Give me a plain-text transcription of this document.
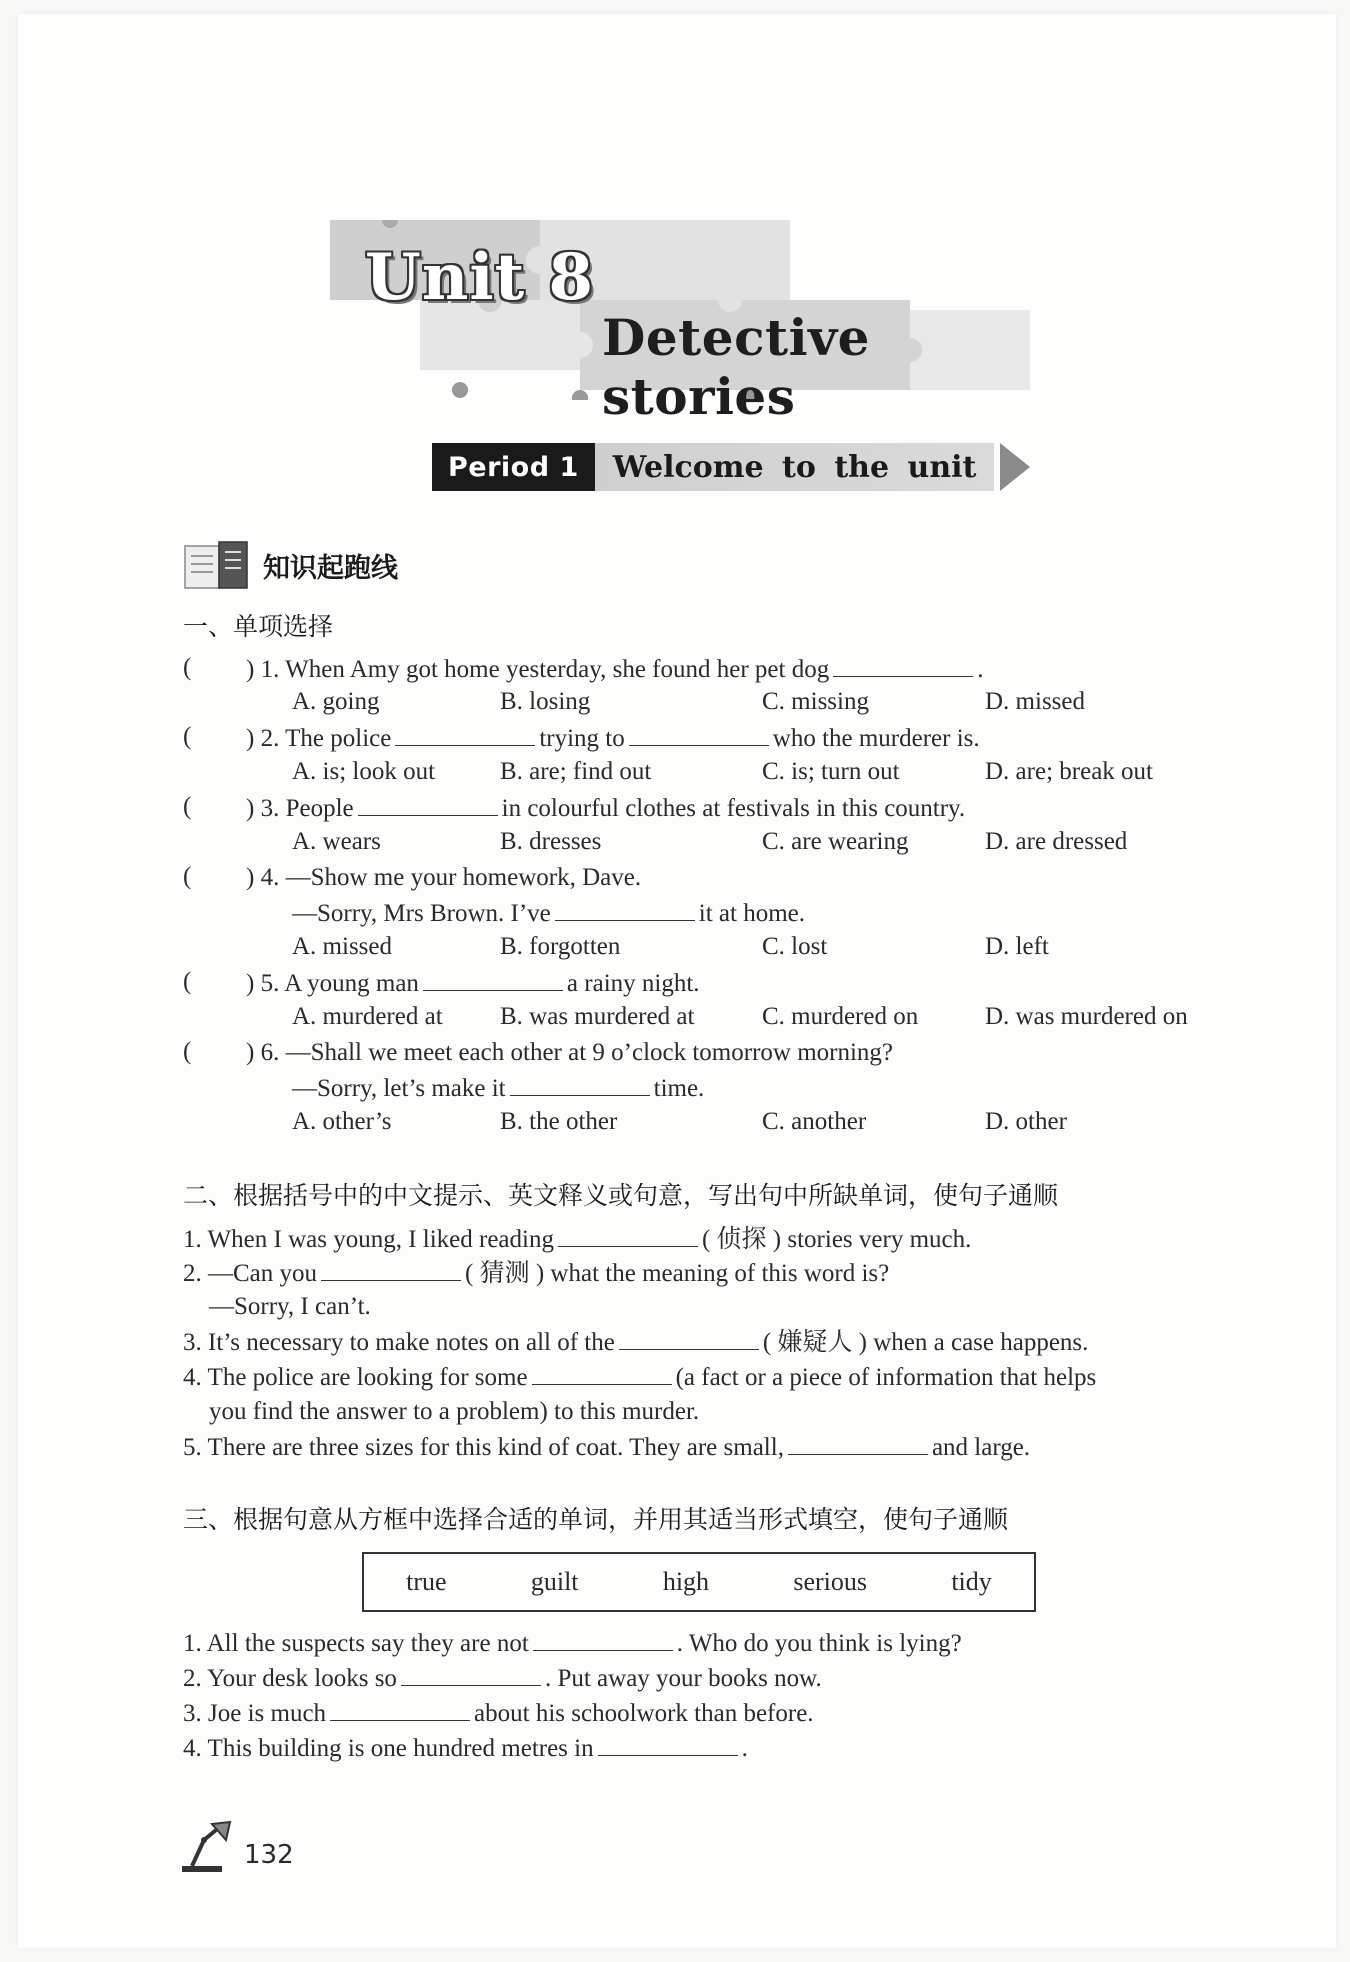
Unit 8
Detective stories
Period 1	Welcome to the unit
知识起跑线
一、单项选择
( ) 1. When Amy got home yesterday, she found her pet dog	.
A. going	B. losing	C. missing	D. missed
( ) 2. The police	trying to	who the murderer is.
A. is; look out	B. are; find out	C. is; turn out	D. are; break out
( ) 3. People	in colourful clothes at festivals in this country.
A. wears	B. dresses	C. are wearing	D. are dressed
( ) 4. —Show me your homework, Dave.
—Sorry, Mrs Brown. I’ve	it at home.
A. missed	B. forgotten	C. lost	D. left
( ) 5. A young man	a rainy night.
A. murdered at B. was murdered at	C. murdered on	D. was murdered on
( ) 6. —Shall we meet each other at 9 o’clock tomorrow morning?
—Sorry, let’s make it	time.
A. other’s	B. the other	C. another	D. other
二、根据括号中的中文提示、英文释义或句意，写出句中所缺单词，使句子通顺
1. When I was young, I liked reading	( 侦探 ) stories very much.
2. —Can you	( 猜测 ) what the meaning of this word is?
—Sorry, I can’t.
3. It’s necessary to make notes on all of the	( 嫌疑人 ) when a case happens.
4. The police are looking for some	(a fact or a piece of information that helps
you find the answer to a problem) to this murder.
5. There are three sizes for this kind of coat. They are small,	and large.
三、根据句意从方框中选择合适的单词，并用其适当形式填空，使句子通顺
true	guilt	high	serious	tidy
1. All the suspects say they are not	. Who do you think is lying?
2. Your desk looks so	. Put away your books now.
3. Joe is much	about his schoolwork than before.
4. This building is one hundred metres in	.
132
